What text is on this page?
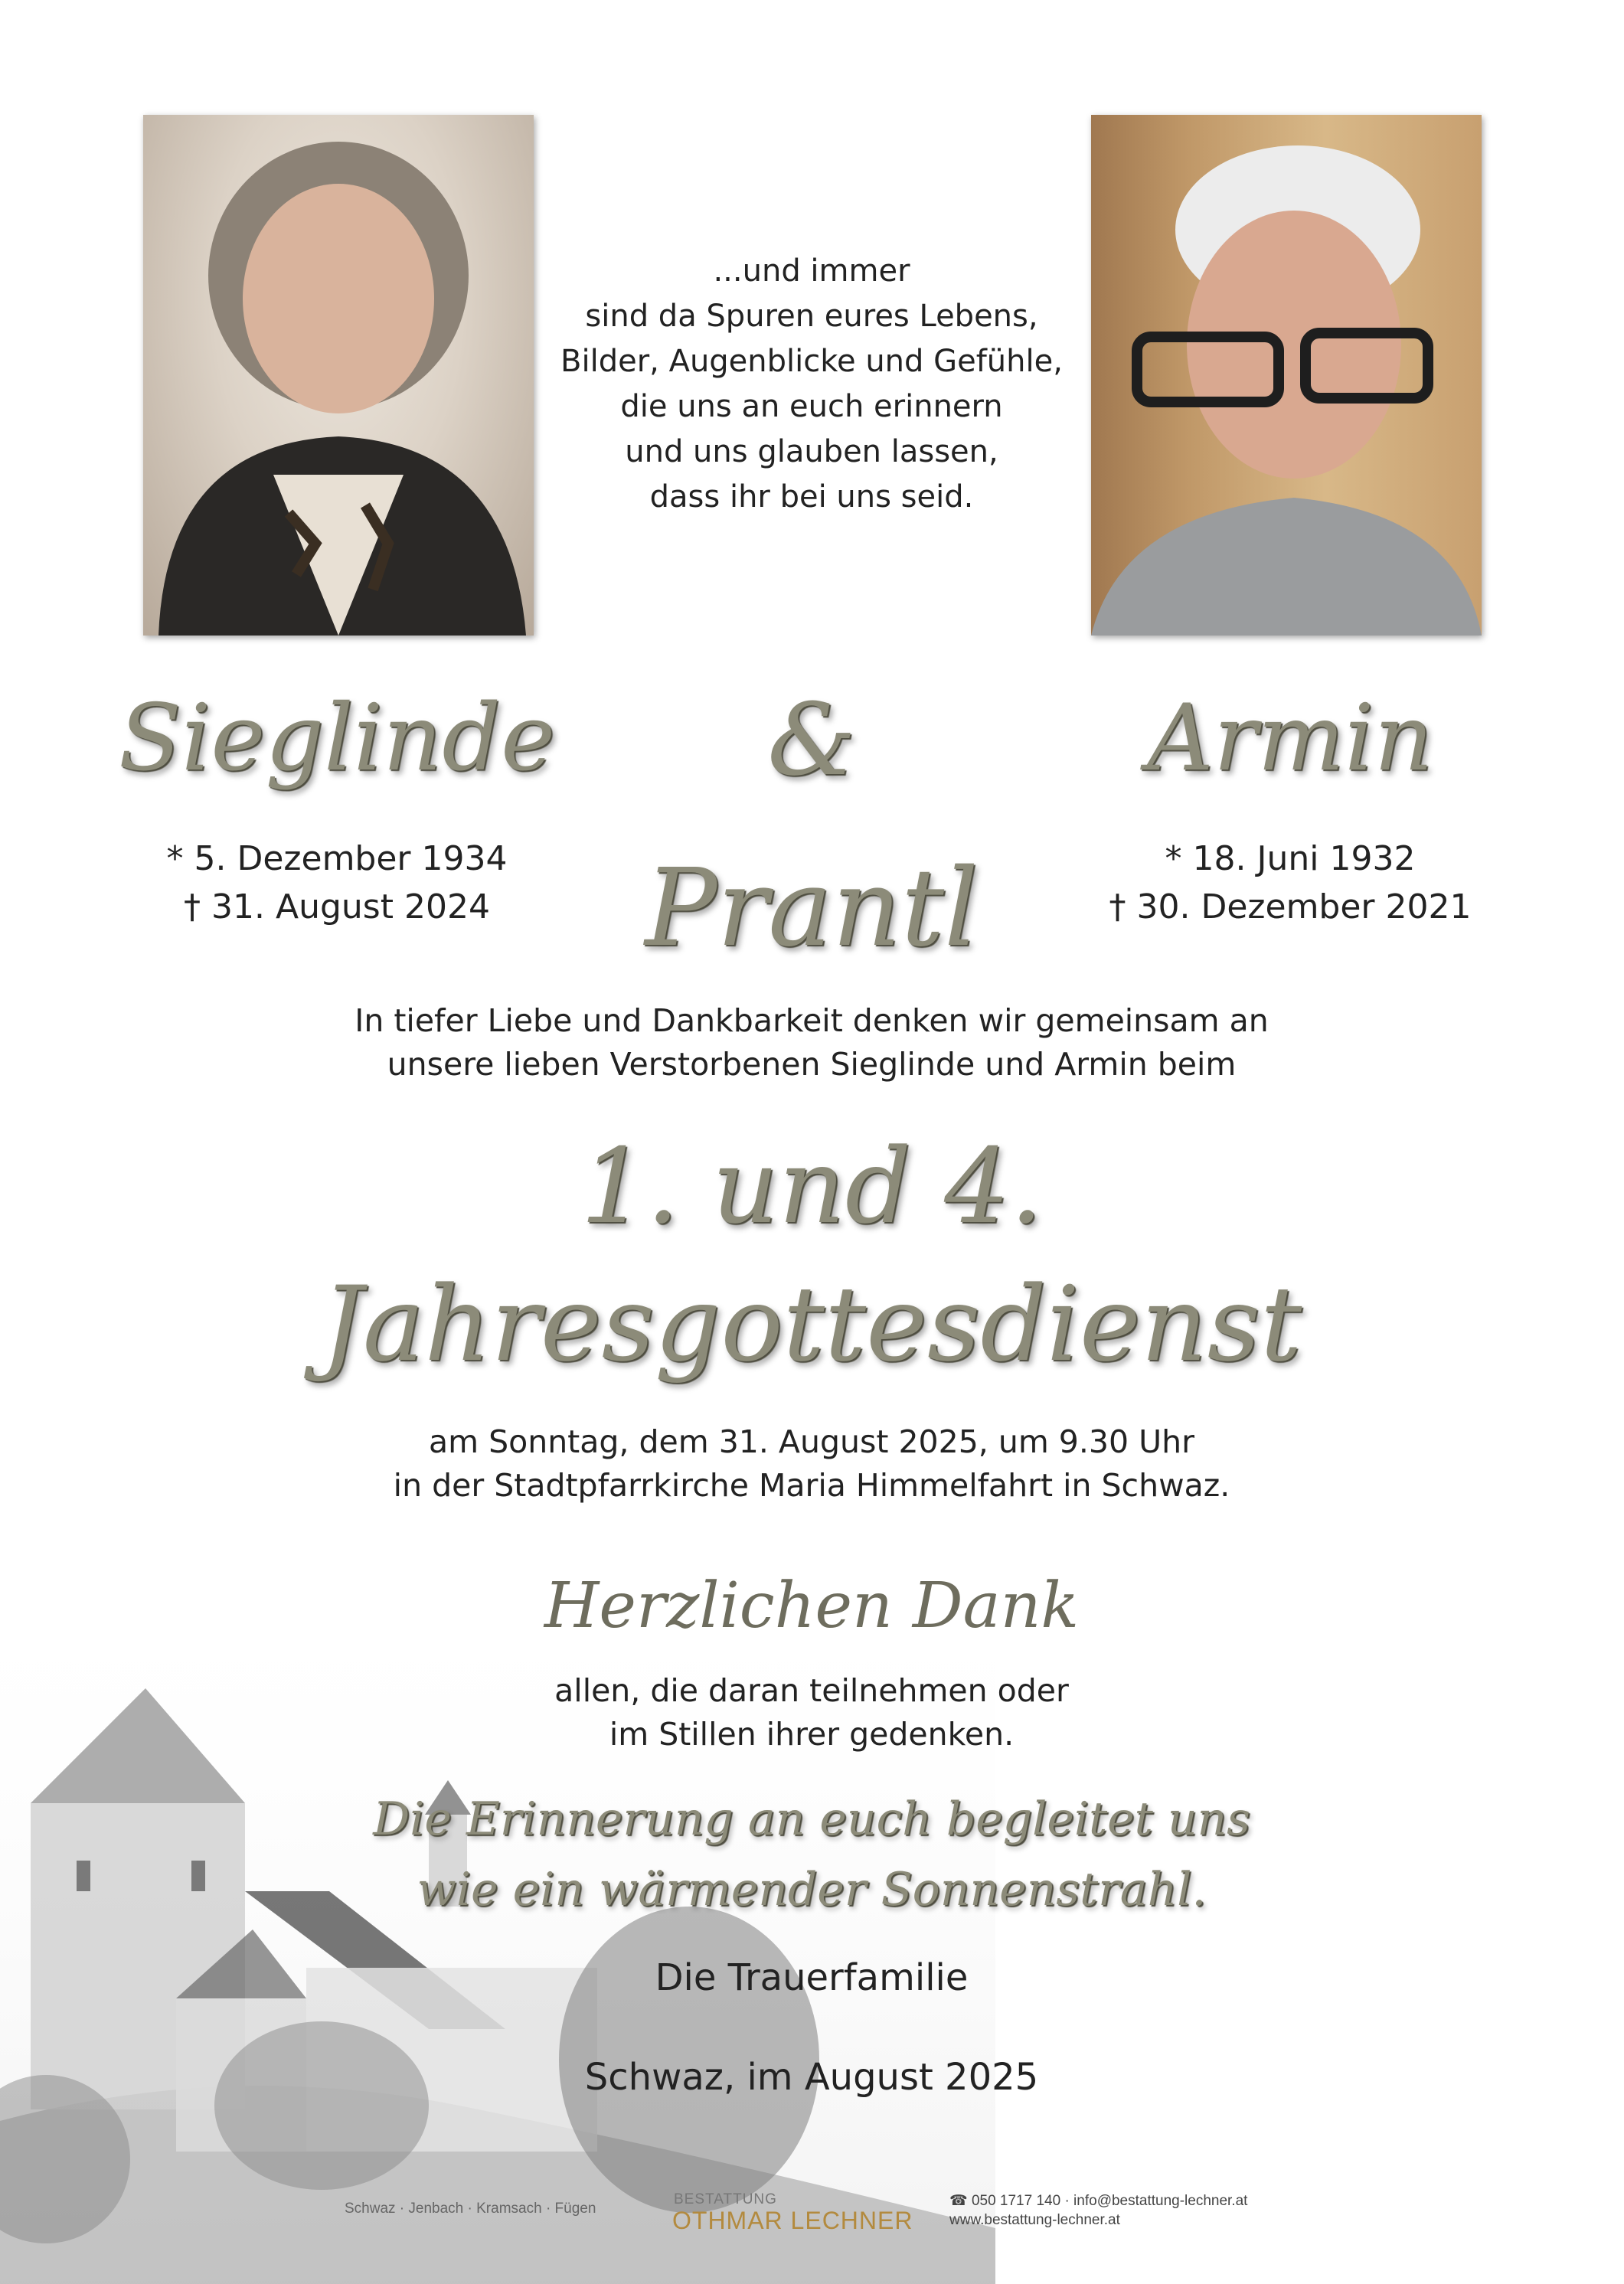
...und immer
sind da Spuren eures Lebens,
Bilder, Augenblicke und Gefühle,
die uns an euch erinnern
und uns glauben lassen,
dass ihr bei uns seid.
Sieglinde	&	Armin
Prantl
* 5. Dezember 1934
† 31. August 2024
* 18. Juni 1932
† 30. Dezember 2021
In tiefer Liebe und Dankbarkeit denken wir gemeinsam an
unsere lieben Verstorbenen Sieglinde und Armin beim
1. und 4.
Jahresgottesdienst
am Sonntag, dem 31. August 2025, um 9.30 Uhr
in der Stadtpfarrkirche Maria Himmelfahrt in Schwaz.
Herzlichen Dank
allen, die daran teilnehmen oder
im Stillen ihrer gedenken.
Die Erinnerung an euch begleitet uns
wie ein wärmender Sonnenstrahl.
Die Trauerfamilie
Schwaz, im August 2025
Schwaz · Jenbach · Kramsach · Fügen
BESTATTUNG
OTHMAR LECHNER
☎ 050 1717 140 · info@bestattung-lechner.at
www.bestattung-lechner.at
